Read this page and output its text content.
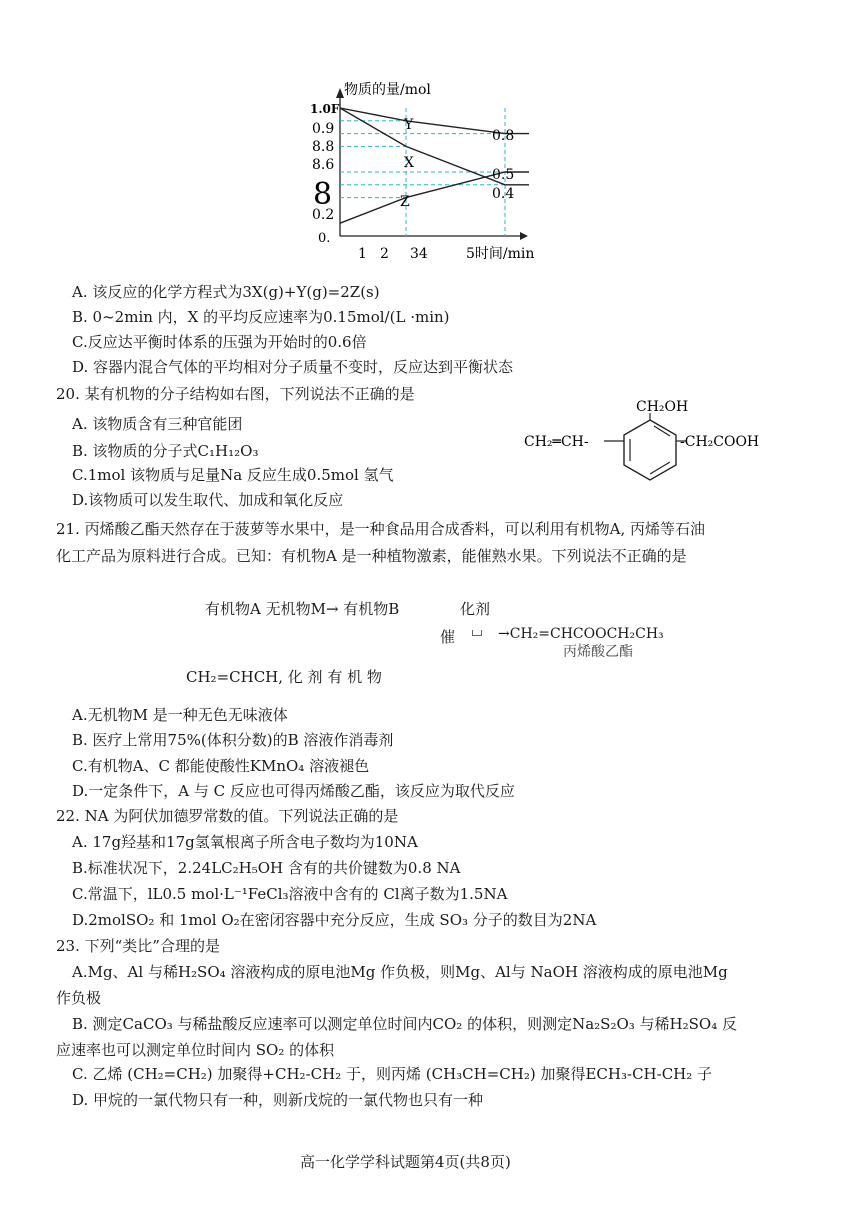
物质的量/mol
5时间/min
1.0F
0.9
8.8
8.6
8
0.2
0.
1 2 34
Y
X
Z
0.8
0.5
0.4
A. 该反应的化学方程式为3X(g)+Y(g)=2Z(s)
B. 0~2min 内，X 的平均反应速率为0.15mol/(L ·min)
C.反应达平衡时体系的压强为开始时的0.6倍
D. 容器内混合气体的平均相对分子质量不变时，反应达到平衡状态
20. 某有机物的分子结构如右图，下列说法不正确的是
A. 该物质含有三种官能团
B. 该物质的分子式C₁H₁₂O₃
C.1mol 该物质与足量Na 反应生成0.5mol 氢气
D.该物质可以发生取代、加成和氧化反应
CH₂OH
CH₂═CH-	-CH₂COOH
21. 丙烯酸乙酯天然存在于菠萝等水果中，是一种食品用合成香料，可以利用有机物A, 丙烯等石油
化工产品为原料进行合成。已知：有机物A 是一种植物激素，能催熟水果。下列说法不正确的是
有机物A 无机物M→ 有机物B	化剂
催	→CH₂=CHCOOCH₂CH₃
丙烯酸乙酯
CH₂=CHCH, 化 剂 有 机 物
A.无机物M 是一种无色无味液体
B. 医疗上常用75%(体积分数)的B 溶液作消毒剂
C.有机物A、C 都能使酸性KMnO₄ 溶液褪色
D.一定条件下，A 与 C 反应也可得丙烯酸乙酯，该反应为取代反应
22. NA 为阿伏加德罗常数的值。下列说法正确的是
A. 17g羟基和17g氢氧根离子所含电子数均为10NA
B.标准状况下，2.24LC₂H₅OH 含有的共价键数为0.8 NA
C.常温下，lL0.5 mol·L⁻¹FeCl₃溶液中含有的 Cl离子数为1.5NA
D.2molSO₂ 和 1mol O₂在密闭容器中充分反应，生成 SO₃ 分子的数目为2NA
23. 下列“类比”合理的是
A.Mg、Al 与稀H₂SO₄ 溶液构成的原电池Mg 作负极，则Mg、Al与 NaOH 溶液构成的原电池Mg
作负极
B. 测定CaCO₃ 与稀盐酸反应速率可以测定单位时间内CO₂ 的体积，则测定Na₂S₂O₃ 与稀H₂SO₄ 反
应速率也可以测定单位时间内 SO₂ 的体积
C. 乙烯 (CH₂=CH₂) 加聚得+CH₂-CH₂ 于，则丙烯 (CH₃CH=CH₂) 加聚得ECH₃-CH-CH₂ 子
D. 甲烷的一氯代物只有一种，则新戊烷的一氯代物也只有一种
高一化学学科试题第4页(共8页)
